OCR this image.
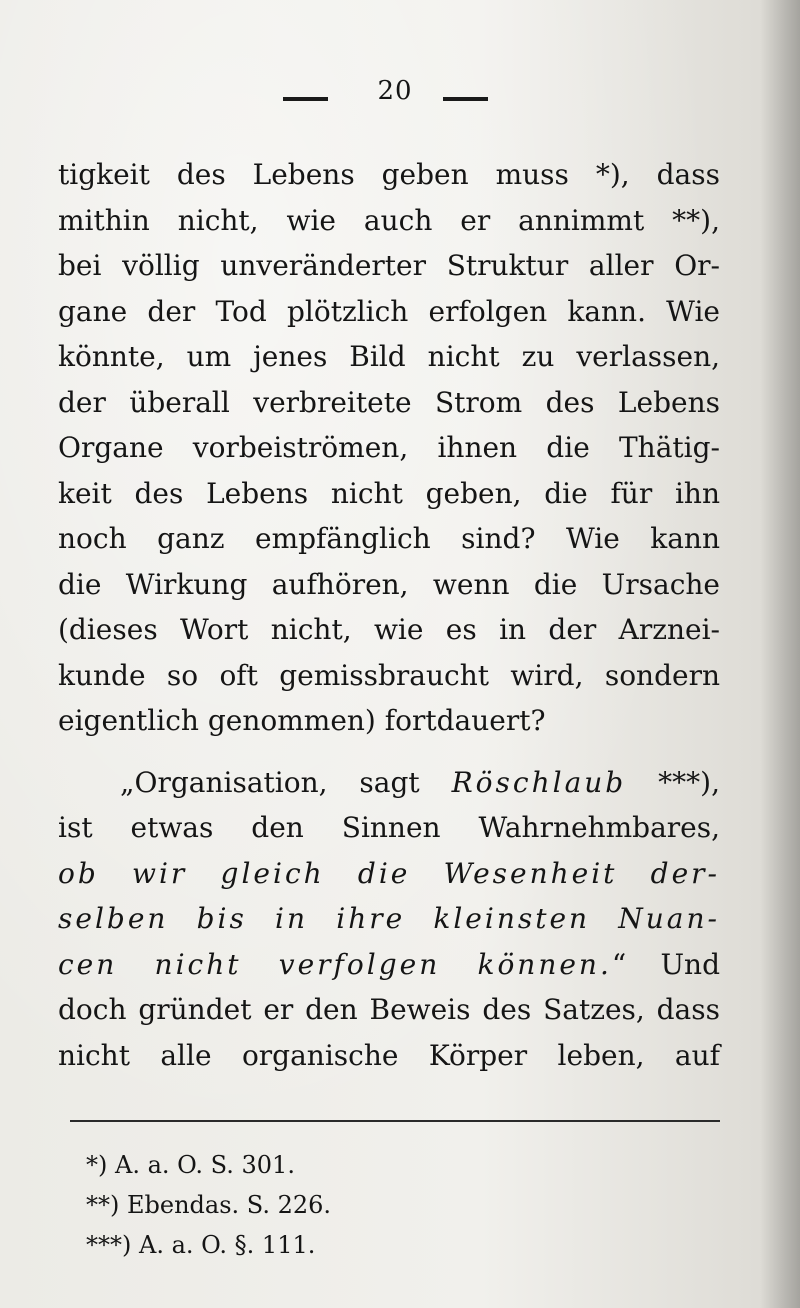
20
tigkeit des Lebens geben muss *), dass
mithin nicht, wie auch er annimmt **),
bei völlig unveränderter Struktur aller Or-
gane der Tod plötzlich erfolgen kann. Wie
könnte, um jenes Bild nicht zu verlassen,
der überall verbreitete Strom des Lebens
Organe vorbeiströmen, ihnen die Thätig-
keit des Lebens nicht geben, die für ihn
noch ganz empfänglich sind? Wie kann
die Wirkung aufhören, wenn die Ursache
(dieses Wort nicht, wie es in der Arznei-
kunde so oft gemissbraucht wird, sondern
eigentlich genommen) fortdauert?
„Organisation, sagt Röschlaub ***),
ist etwas den Sinnen Wahrnehmbares,
ob wir gleich die Wesenheit der-
selben bis in ihre kleinsten Nuan-
cen nicht verfolgen können.“ Und
doch gründet er den Beweis des Satzes, dass
nicht alle organische Körper leben, auf
*) A. a. O. S. 301.
**) Ebendas. S. 226.
***) A. a. O. §. 111.
